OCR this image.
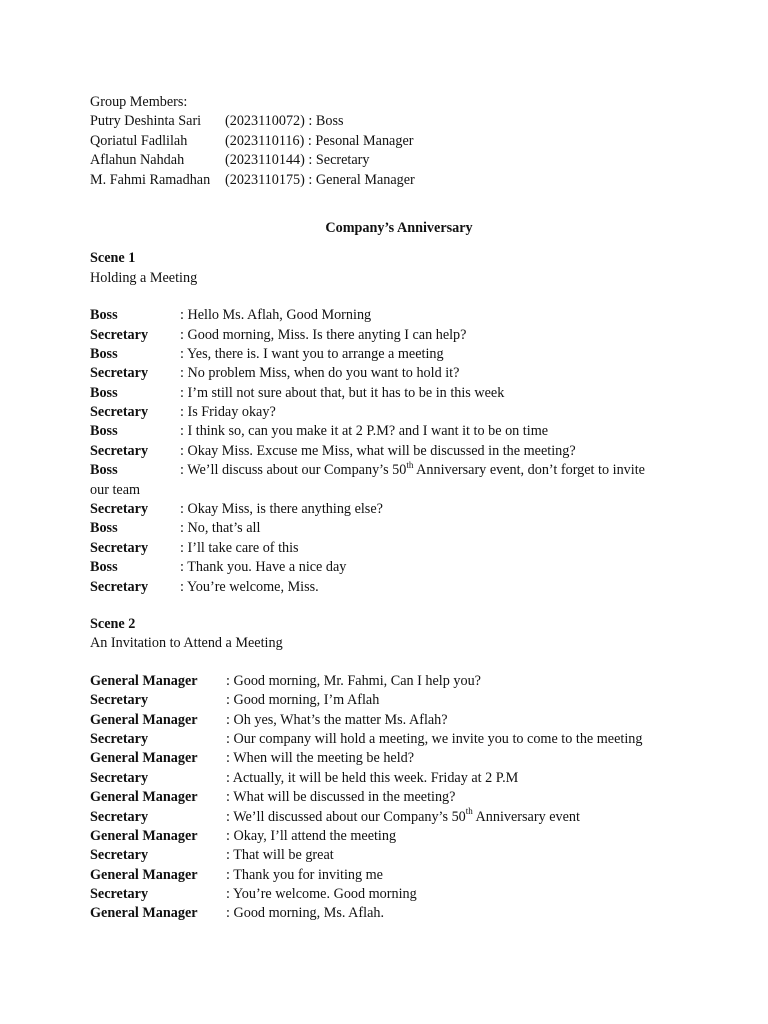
Group Members:
Putry Deshinta Sari (2023110072) : Boss
Qoriatul Fadlilah	(2023110116) : Pesonal Manager
Aflahun Nahdah	(2023110144) : Secretary
M. Fahmi Ramadhan (2023110175) : General Manager
Company’s Anniversary
Scene 1
Holding a Meeting
Boss	: Hello Ms. Aflah, Good Morning
Secretary : Good morning, Miss. Is there anyting I can help?
Boss	: Yes, there is. I want you to arrange a meeting
Secretary : No problem Miss, when do you want to hold it?
Boss	: I’m still not sure about that, but it has to be in this week
Secretary : Is Friday okay?
Boss	: I think so, can you make it at 2 P.M? and I want it to be on time
Secretary : Okay Miss. Excuse me Miss, what will be discussed in the meeting?
Boss	: We’ll discuss about our Company’s 50th Anniversary event, don’t forget to invite
our team
Secretary : Okay Miss, is there anything else?
Boss	: No, that’s all
Secretary : I’ll take care of this
Boss	: Thank you. Have a nice day
Secretary : You’re welcome, Miss.
Scene 2
An Invitation to Attend a Meeting
General Manager : Good morning, Mr. Fahmi, Can I help you?
Secretary	: Good morning, I’m Aflah
General Manager : Oh yes, What’s the matter Ms. Aflah?
Secretary	: Our company will hold a meeting, we invite you to come to the meeting
General Manager : When will the meeting be held?
Secretary	: Actually, it will be held this week. Friday at 2 P.M
General Manager : What will be discussed in the meeting?
Secretary	: We’ll discussed about our Company’s 50th Anniversary event
General Manager : Okay, I’ll attend the meeting
Secretary	: That will be great
General Manager : Thank you for inviting me
Secretary	: You’re welcome. Good morning
General Manager : Good morning, Ms. Aflah.
